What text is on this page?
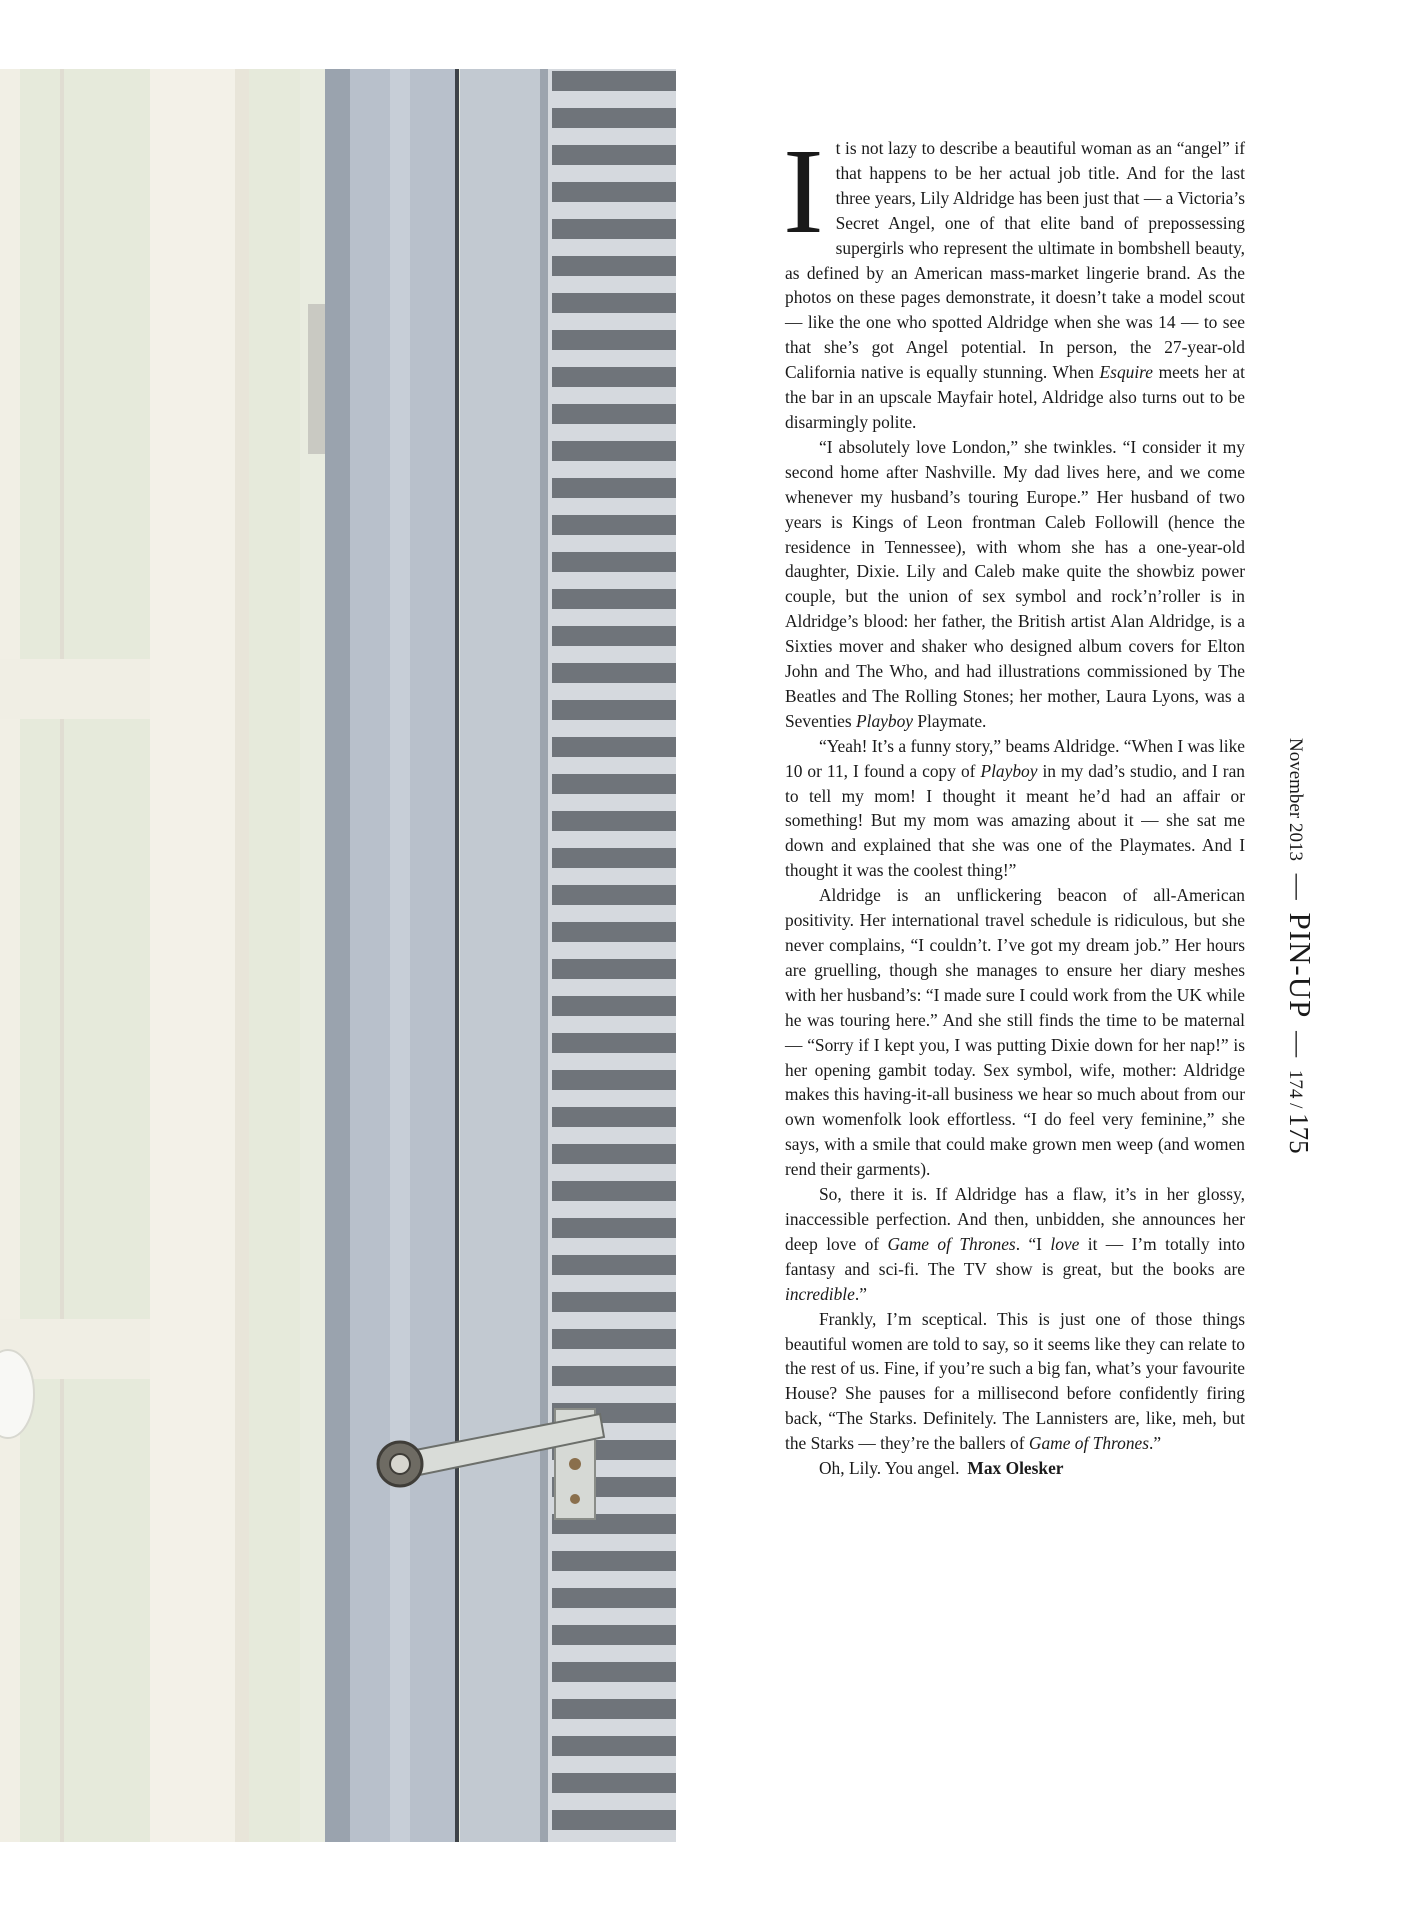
It is not lazy to describe a beautiful woman as an “angel” if that happens to be her actual job title. And for the last three years, Lily Aldridge has been just that — a Victoria’s Secret Angel, one of that elite band of prepossessing supergirls who represent the ultimate in bombshell beauty, as defined by an American mass-market lingerie brand. As the photos on these pages demonstrate, it doesn’t take a model scout — like the one who spotted Aldridge when she was 14 — to see that she’s got Angel potential. In person, the 27-year-old California native is equally stunning. When Esquire meets her at the bar in an upscale Mayfair hotel, Aldridge also turns out to be disarmingly polite.

“I absolutely love London,” she twinkles. “I consider it my second home after Nashville. My dad lives here, and we come whenever my husband’s touring Europe.” Her husband of two years is Kings of Leon frontman Caleb Followill (hence the residence in Tennessee), with whom she has a one-year-old daughter, Dixie. Lily and Caleb make quite the showbiz power couple, but the union of sex symbol and rock’n’roller is in Aldridge’s blood: her father, the British artist Alan Aldridge, is a Sixties mover and shaker who designed album covers for Elton John and The Who, and had illustrations commissioned by The Beatles and The Rolling Stones; her mother, Laura Lyons, was a Seventies Playboy Playmate.

“Yeah! It’s a funny story,” beams Aldridge. “When I was like 10 or 11, I found a copy of Playboy in my dad’s studio, and I ran to tell my mom! I thought it meant he’d had an affair or something! But my mom was amazing about it — she sat me down and explained that she was one of the Playmates. And I thought it was the coolest thing!”

Aldridge is an unflickering beacon of all-American positivity. Her international travel schedule is ridiculous, but she never complains, “I couldn’t. I’ve got my dream job.” Her hours are gruelling, though she manages to ensure her diary meshes with her husband’s: “I made sure I could work from the UK while he was touring here.” And she still finds the time to be maternal — “Sorry if I kept you, I was putting Dixie down for her nap!” is her opening gambit today. Sex symbol, wife, mother: Aldridge makes this having-it-all business we hear so much about from our own womenfolk look effortless. “I do feel very feminine,” she says, with a smile that could make grown men weep (and women rend their garments).

So, there it is. If Aldridge has a flaw, it’s in her glossy, inaccessible perfection. And then, unbidden, she announces her deep love of Game of Thrones. “I love it — I’m totally into fantasy and sci-fi. The TV show is great, but the books are incredible.”

Frankly, I’m sceptical. This is just one of those things beautiful women are told to say, so it seems like they can relate to the rest of us. Fine, if you’re such a big fan, what’s your favourite House? She pauses for a millisecond before confidently firing back, “The Starks. Definitely. The Lannisters are, like, meh, but the Starks — they’re the ballers of Game of Thrones.”

Oh, Lily. You angel. Max Olesker

November 2013 — PIN-UP — 174 / 175
